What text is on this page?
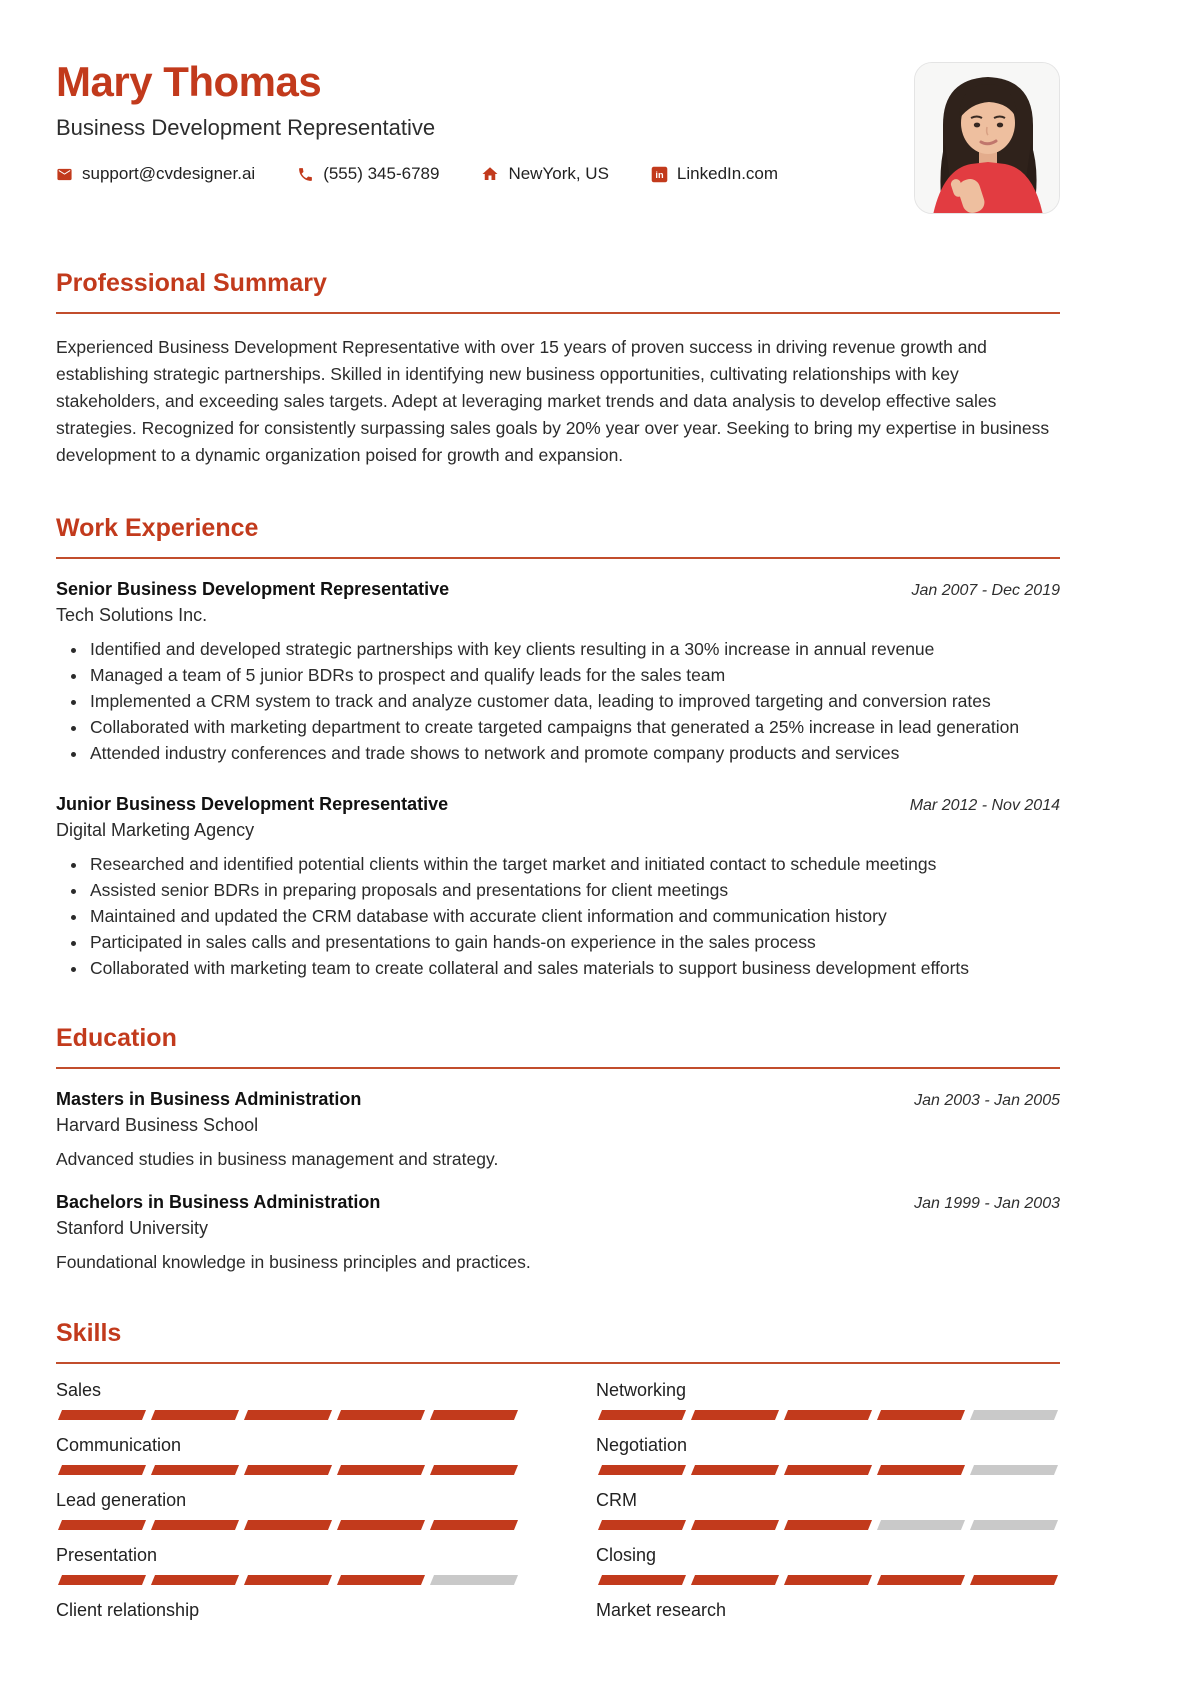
Mary Thomas
Business Development Representative
support@cvdesigner.ai	(555) 345-6789	NewYork, US	in LinkedIn.com
Professional Summary

Experienced Business Development Representative with over 15 years of proven success in driving revenue growth and establishing strategic partnerships. Skilled in identifying new business opportunities, cultivating relationships with key stakeholders, and exceeding sales targets. Adept at leveraging market trends and data analysis to develop effective sales strategies. Recognized for consistently surpassing sales goals by 20% year over year. Seeking to bring my expertise in business development to a dynamic organization poised for growth and expansion.

Work Experience
Senior Business Development Representative	Jan 2007 - Dec 2019
Tech Solutions Inc.
• Identified and developed strategic partnerships with key clients resulting in a 30% increase in annual revenue
• Managed a team of 5 junior BDRs to prospect and qualify leads for the sales team
• Implemented a CRM system to track and analyze customer data, leading to improved targeting and conversion rates
• Collaborated with marketing department to create targeted campaigns that generated a 25% increase in lead generation
• Attended industry conferences and trade shows to network and promote company products and services
Junior Business Development Representative	Mar 2012 - Nov 2014
Digital Marketing Agency
• Researched and identified potential clients within the target market and initiated contact to schedule meetings
• Assisted senior BDRs in preparing proposals and presentations for client meetings
• Maintained and updated the CRM database with accurate client information and communication history
• Participated in sales calls and presentations to gain hands-on experience in the sales process
• Collaborated with marketing team to create collateral and sales materials to support business development efforts
Education
Masters in Business Administration	Jan 2003 - Jan 2005
Harvard Business School
Advanced studies in business management and strategy.
Bachelors in Business Administration	Jan 1999 - Jan 2003
Stanford University
Foundational knowledge in business principles and practices.
Skills
Sales	Networking
Communication	Negotiation
Lead generation	CRM
Presentation	Closing
Client relationship	Market research
